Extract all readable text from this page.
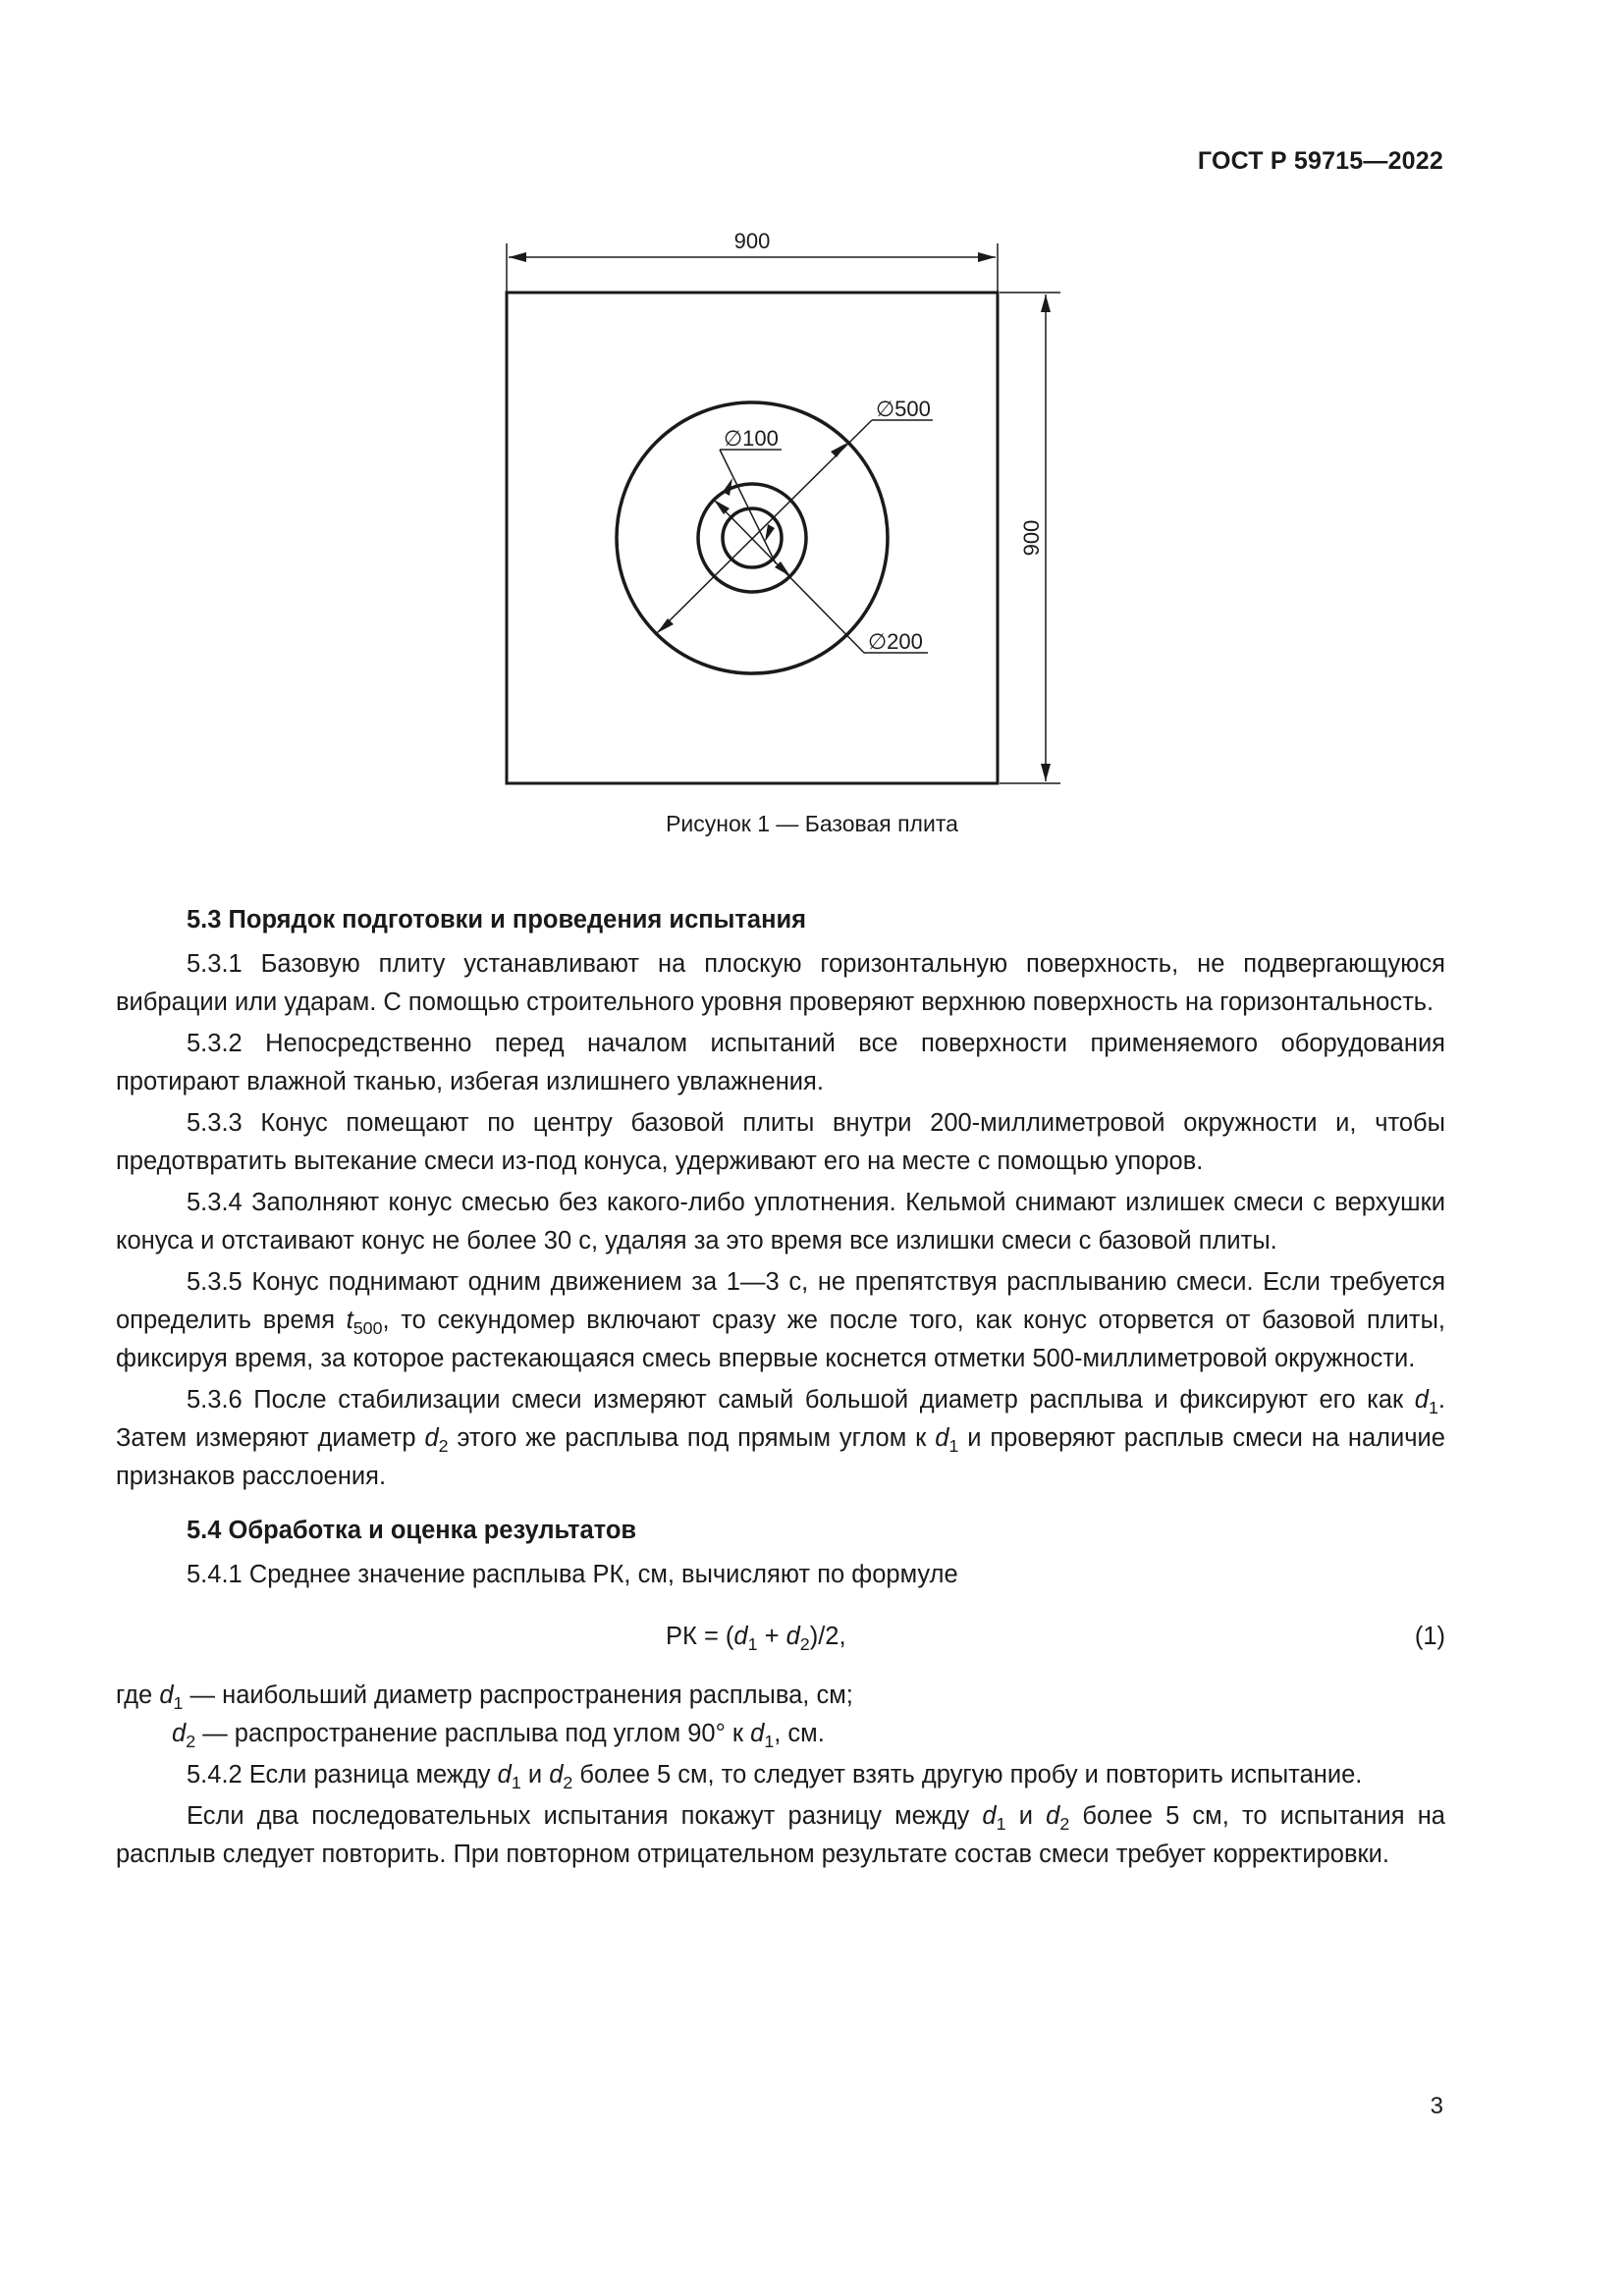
ГОСТ Р 59715—2022
900
900
∅500
∅100
∅200
Рисунок 1 — Базовая плита
5.3 Порядок подготовки и проведения испытания

5.3.1 Базовую плиту устанавливают на плоскую горизонтальную поверхность, не подвергающуюся вибрации или ударам. С помощью строительного уровня проверяют верхнюю поверхность на горизонтальность.

5.3.2 Непосредственно перед началом испытаний все поверхности применяемого оборудования протирают влажной тканью, избегая излишнего увлажнения.

5.3.3 Конус помещают по центру базовой плиты внутри 200-миллиметровой окружности и, чтобы предотвратить вытекание смеси из-под конуса, удерживают его на месте с помощью упоров.

5.3.4 Заполняют конус смесью без какого-либо уплотнения. Кельмой снимают излишек смеси с верхушки конуса и отстаивают конус не более 30 с, удаляя за это время все излишки смеси с базовой плиты.

5.3.5 Конус поднимают одним движением за 1—3 с, не препятствуя расплыванию смеси. Если требуется определить время $t_{500}$, то секундомер включают сразу же после того, как конус оторвется от базовой плиты, фиксируя время, за которое растекающаяся смесь впервые коснется отметки 500-миллиметровой окружности.

5.3.6 После стабилизации смеси измеряют самый большой диаметр расплыва и фиксируют его как $d_1$. Затем измеряют диаметр $d_2$ этого же расплыва под прямым углом к $d_1$ и проверяют расплыв смеси на наличие признаков расслоения.

5.4 Обработка и оценка результатов

5.4.1 Среднее значение расплыва РК, см, вычисляют по формуле

РК = $(d_1 + d_2)/2$,	(1)

где $d_1$ — наибольший диаметр распространения расплыва, см;

$d_2$ — распространение расплыва под углом 90° к $d_1$, см.

5.4.2 Если разница между $d_1$ и $d_2$ более 5 см, то следует взять другую пробу и повторить испытание.

Если два последовательных испытания покажут разницу между $d_1$ и $d_2$ более 5 см, то испытания на расплыв следует повторить. При повторном отрицательном результате состав смеси требует корректировки.

3
